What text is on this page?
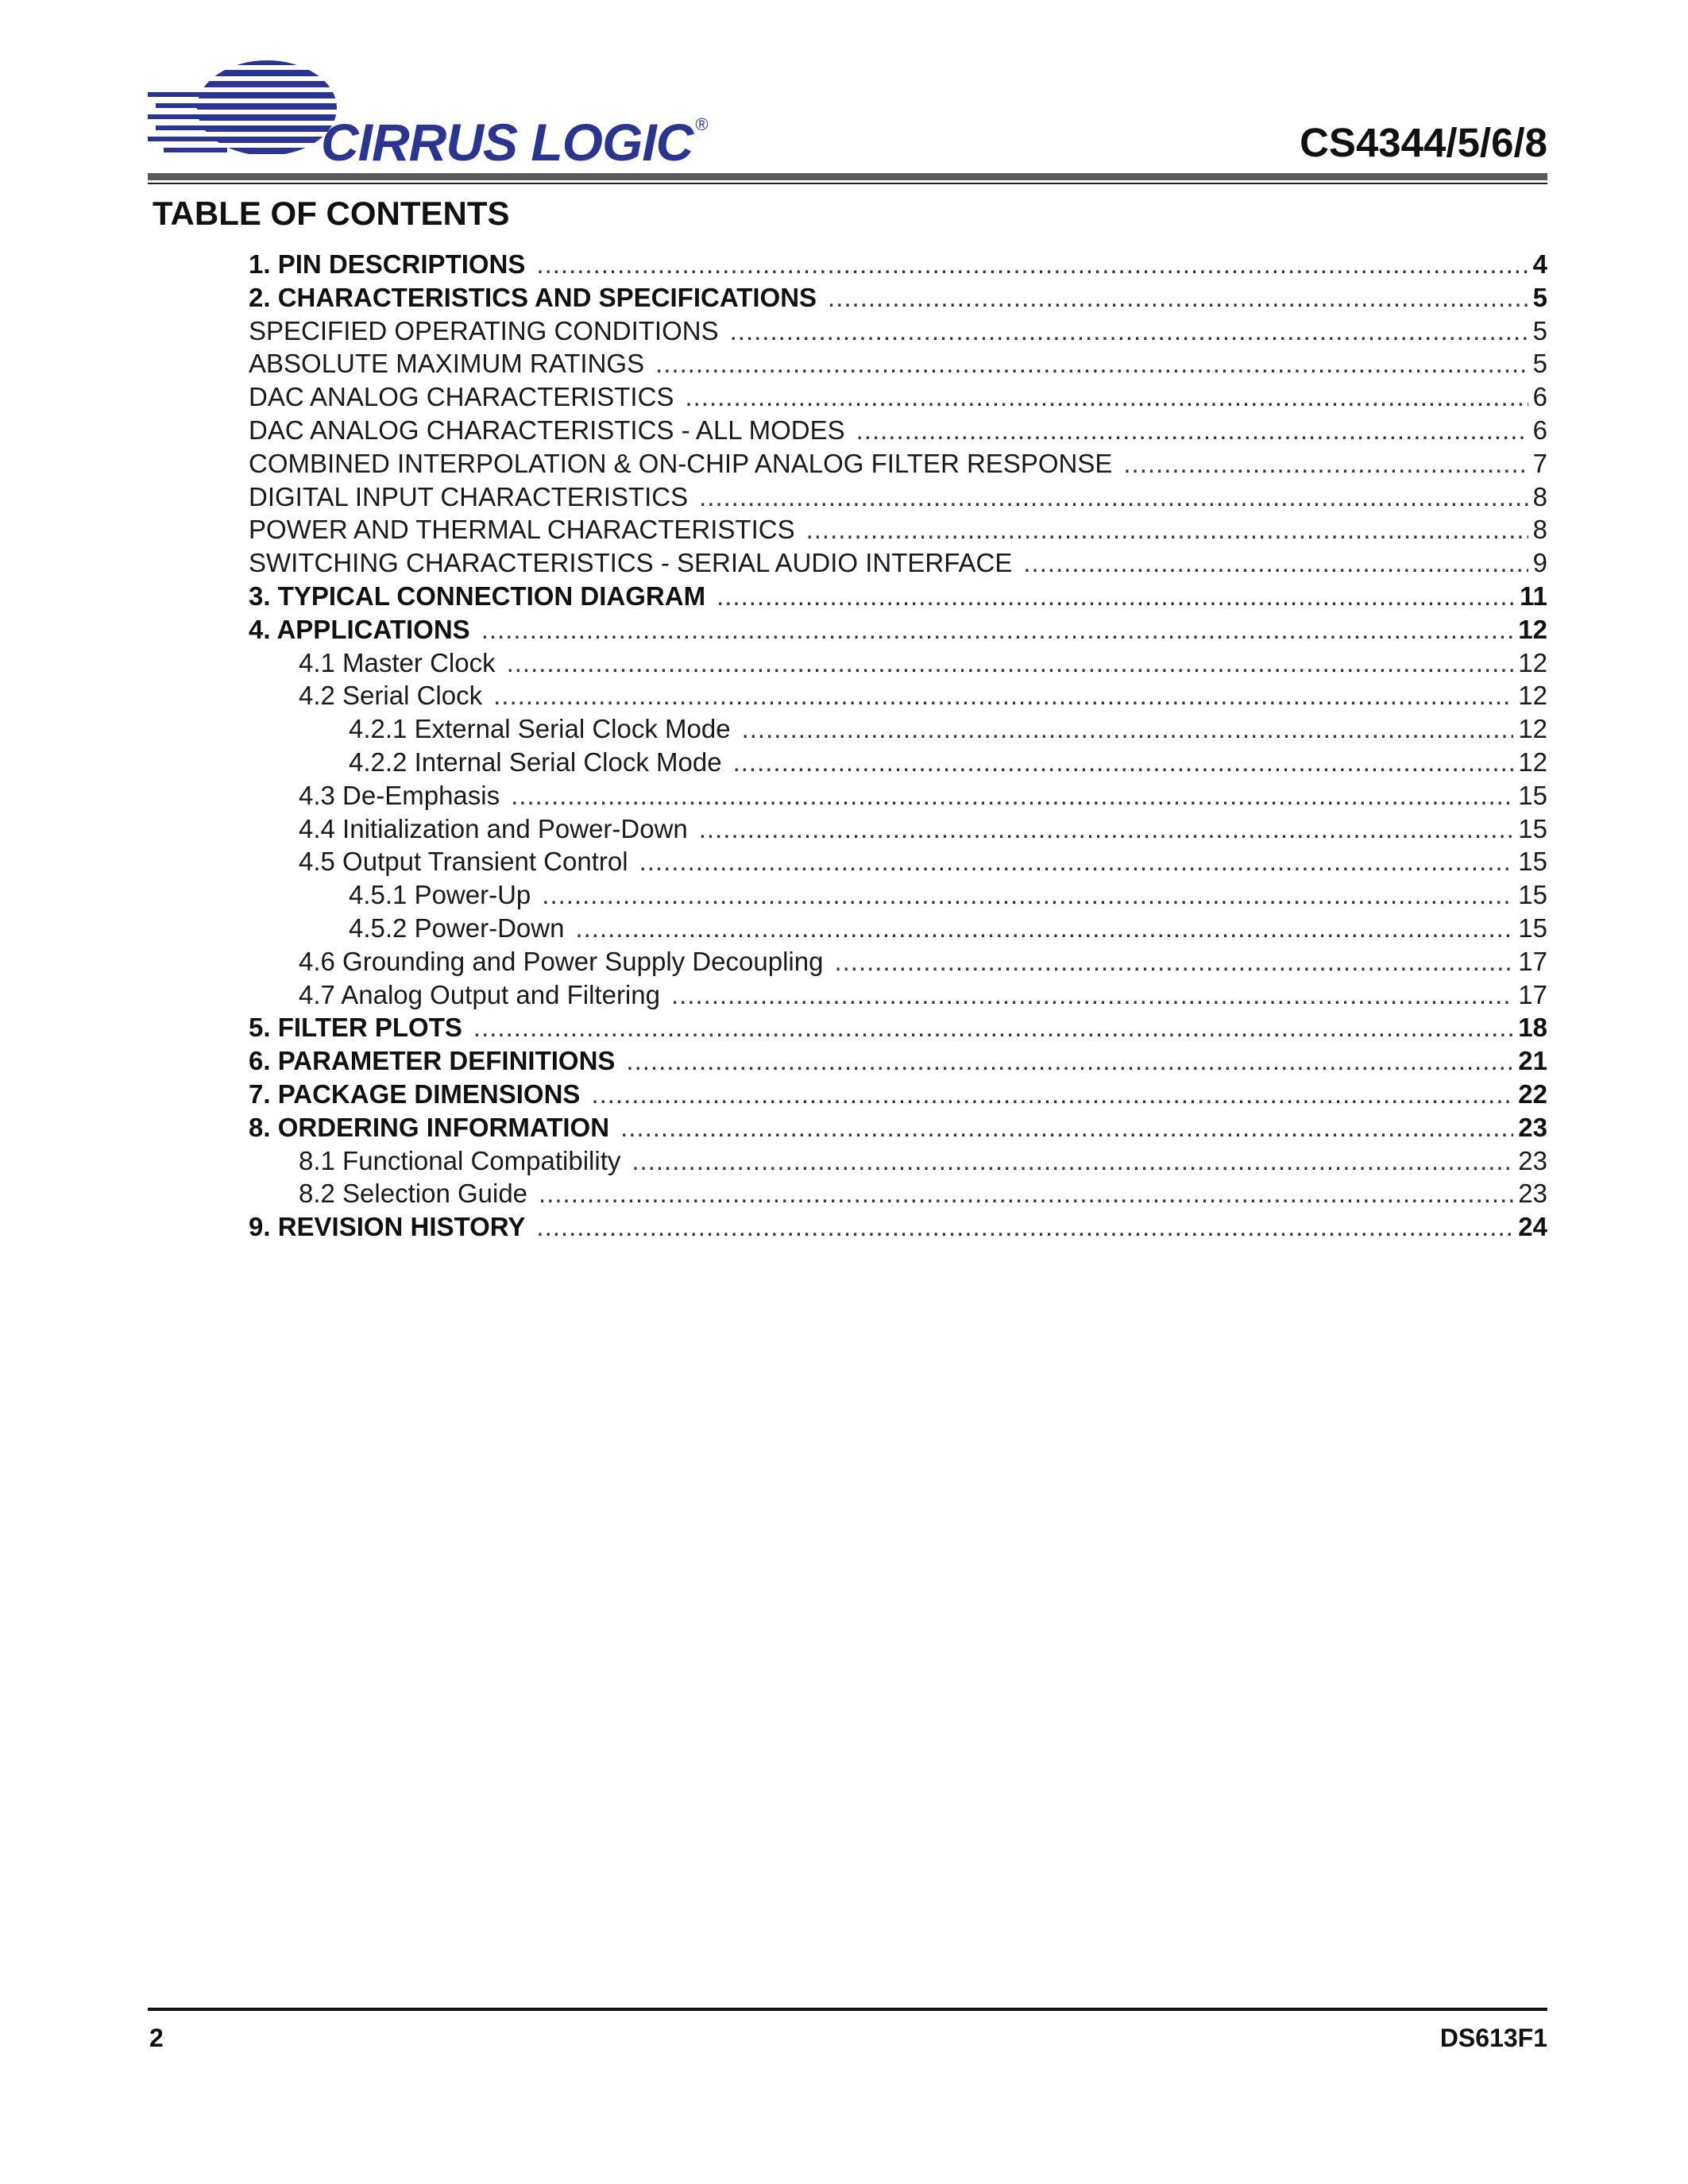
CIRRUS LOGIC ®	CS4344/5/6/8
TABLE OF CONTENTS
1. PIN DESCRIPTIONS .....	4
2. CHARACTERISTICS AND SPECIFICATIONS .....	5
SPECIFIED OPERATING CONDITIONS .....	5
ABSOLUTE MAXIMUM RATINGS .....	5
DAC ANALOG CHARACTERISTICS .....	6
DAC ANALOG CHARACTERISTICS - ALL MODES .....	6
COMBINED INTERPOLATION & ON-CHIP ANALOG FILTER RESPONSE .....	7
DIGITAL INPUT CHARACTERISTICS .....	8
POWER AND THERMAL CHARACTERISTICS .....	8
SWITCHING CHARACTERISTICS - SERIAL AUDIO INTERFACE .....	9
3. TYPICAL CONNECTION DIAGRAM .....	11
4. APPLICATIONS .....	12
4.1 Master Clock .....	12
4.2 Serial Clock .....	12
4.2.1 External Serial Clock Mode .....	12
4.2.2 Internal Serial Clock Mode .....	12
4.3 De-Emphasis .....	15
4.4 Initialization and Power-Down .....	15
4.5 Output Transient Control .....	15
4.5.1 Power-Up .....	15
4.5.2 Power-Down .....	15
4.6 Grounding and Power Supply Decoupling .....	17
4.7 Analog Output and Filtering .....	17
5. FILTER PLOTS .....	18
6. PARAMETER DEFINITIONS .....	21
7. PACKAGE DIMENSIONS .....	22
8. ORDERING INFORMATION .....	23
8.1 Functional Compatibility .....	23
8.2 Selection Guide .....	23
9. REVISION HISTORY .....	24
2	DS613F1
